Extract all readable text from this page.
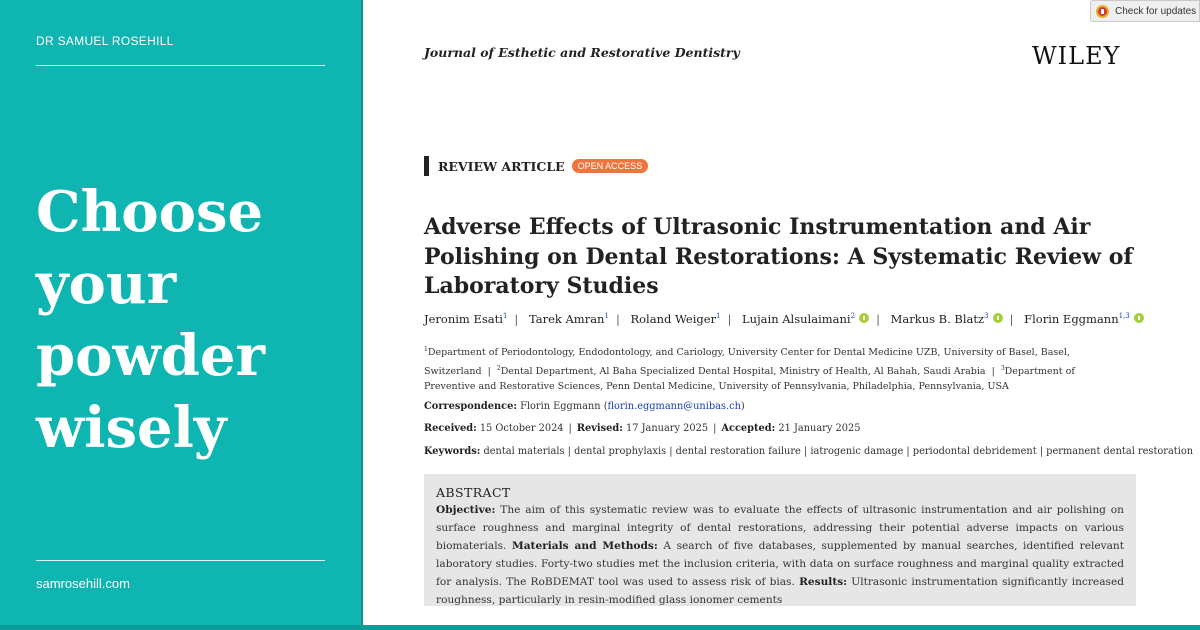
DR SAMUEL ROSEHILL
Choose your powder wisely
samrosehill.com
Check for updates
Journal of Esthetic and Restorative Dentistry	WILEY
REVIEW ARTICLE	OPEN ACCESS
Adverse Effects of Ultrasonic Instrumentation and Air Polishing on Dental Restorations: A Systematic Review of Laboratory Studies
Jeronim Esati$^1$ | Tarek Amran$^1$ | Roland Weiger$^1$ | Lujain Alsulaimani$^2$ | Markus B. Blatz$^3$ | Florin Eggmann$^{1,3}$
$^1$Department of Periodontology, Endodontology, and Cariology, University Center for Dental Medicine UZB, University of Basel, Basel, Switzerland  |  $^2$Dental Department, Al Baha Specialized Dental Hospital, Ministry of Health, Al Bahah, Saudi Arabia  |  $^3$Department of Preventive and Restorative Sciences, Penn Dental Medicine, University of Pennsylvania, Philadelphia, Pennsylvania, USA
Correspondence: Florin Eggmann (florin.eggmann@unibas.ch)
Received: 15 October 2024 | Revised: 17 January 2025 | Accepted: 21 January 2025
Keywords: dental materials | dental prophylaxis | dental restoration failure | iatrogenic damage | periodontal debridement | permanent dental restoration
ABSTRACT

Objective: The aim of this systematic review was to evaluate the effects of ultrasonic instrumentation and air polishing on surface roughness and marginal integrity of dental restorations, addressing their potential adverse impacts on various biomaterials. Materials and Methods: A search of five databases, supplemented by manual searches, identified relevant laboratory studies. Forty-two studies met the inclusion criteria, with data on surface roughness and marginal quality extracted for analysis. The RoBDEMAT tool was used to assess risk of bias. Results: Ultrasonic instrumentation significantly increased roughness, particularly in resin-modified glass ionomer cements
